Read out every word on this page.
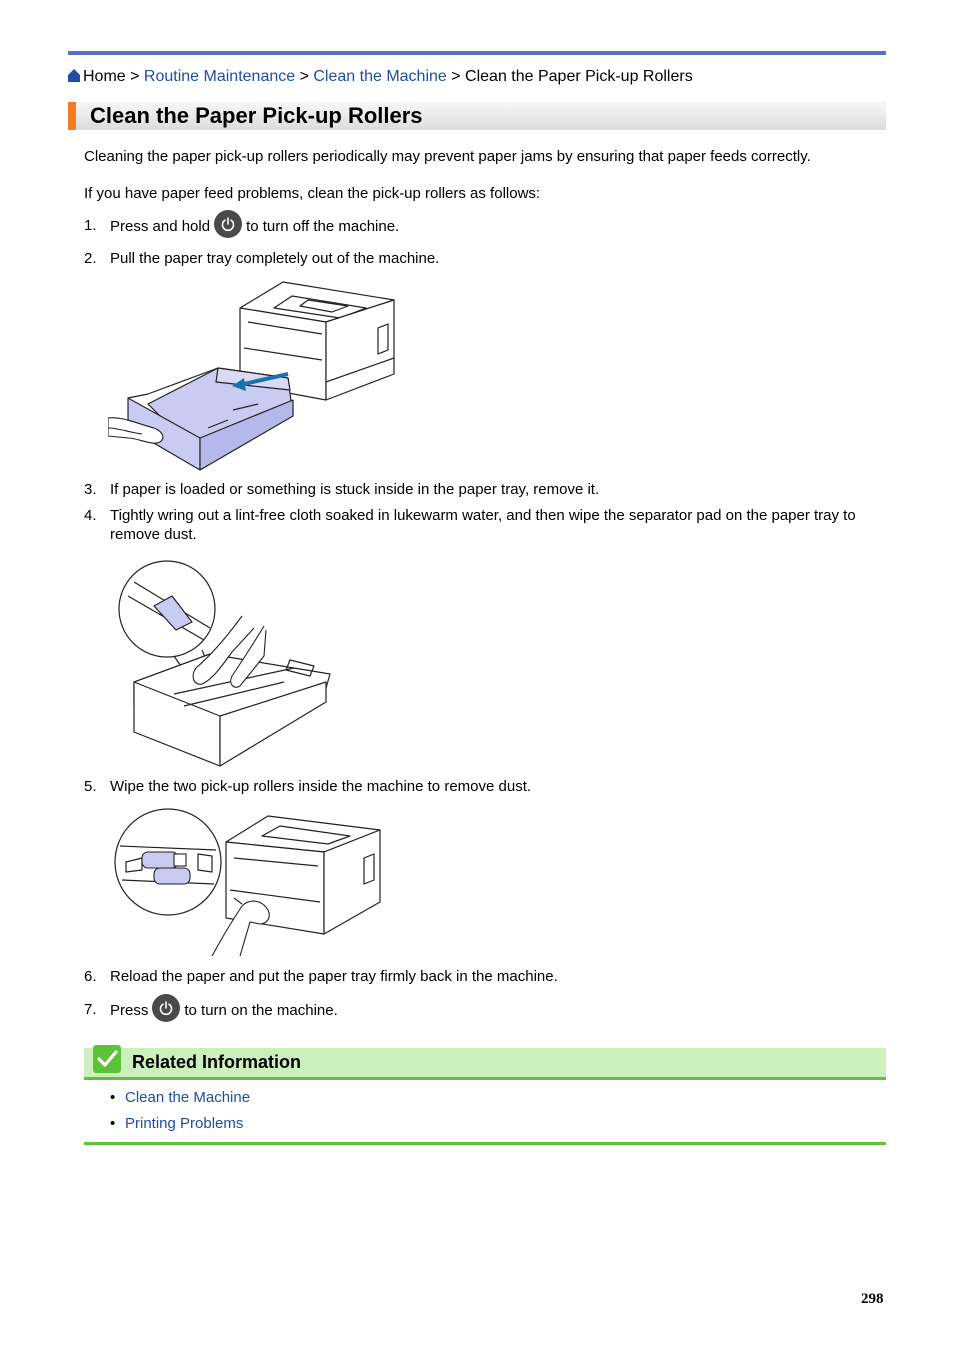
Home > Routine Maintenance > Clean the Machine > Clean the Paper Pick-up Rollers
Clean the Paper Pick-up Rollers
Cleaning the paper pick-up rollers periodically may prevent paper jams by ensuring that paper feeds correctly.
If you have paper feed problems, clean the pick-up rollers as follows:
1. Press and hold to turn off the machine.
2. Pull the paper tray completely out of the machine.
3. If paper is loaded or something is stuck inside in the paper tray, remove it.
4. Tightly wring out a lint-free cloth soaked in lukewarm water, and then wipe the separator pad on the paper tray to remove dust.
5. Wipe the two pick-up rollers inside the machine to remove dust.
6. Reload the paper and put the paper tray firmly back in the machine.
7. Press to turn on the machine.
Related Information
• Clean the Machine
• Printing Problems
298
